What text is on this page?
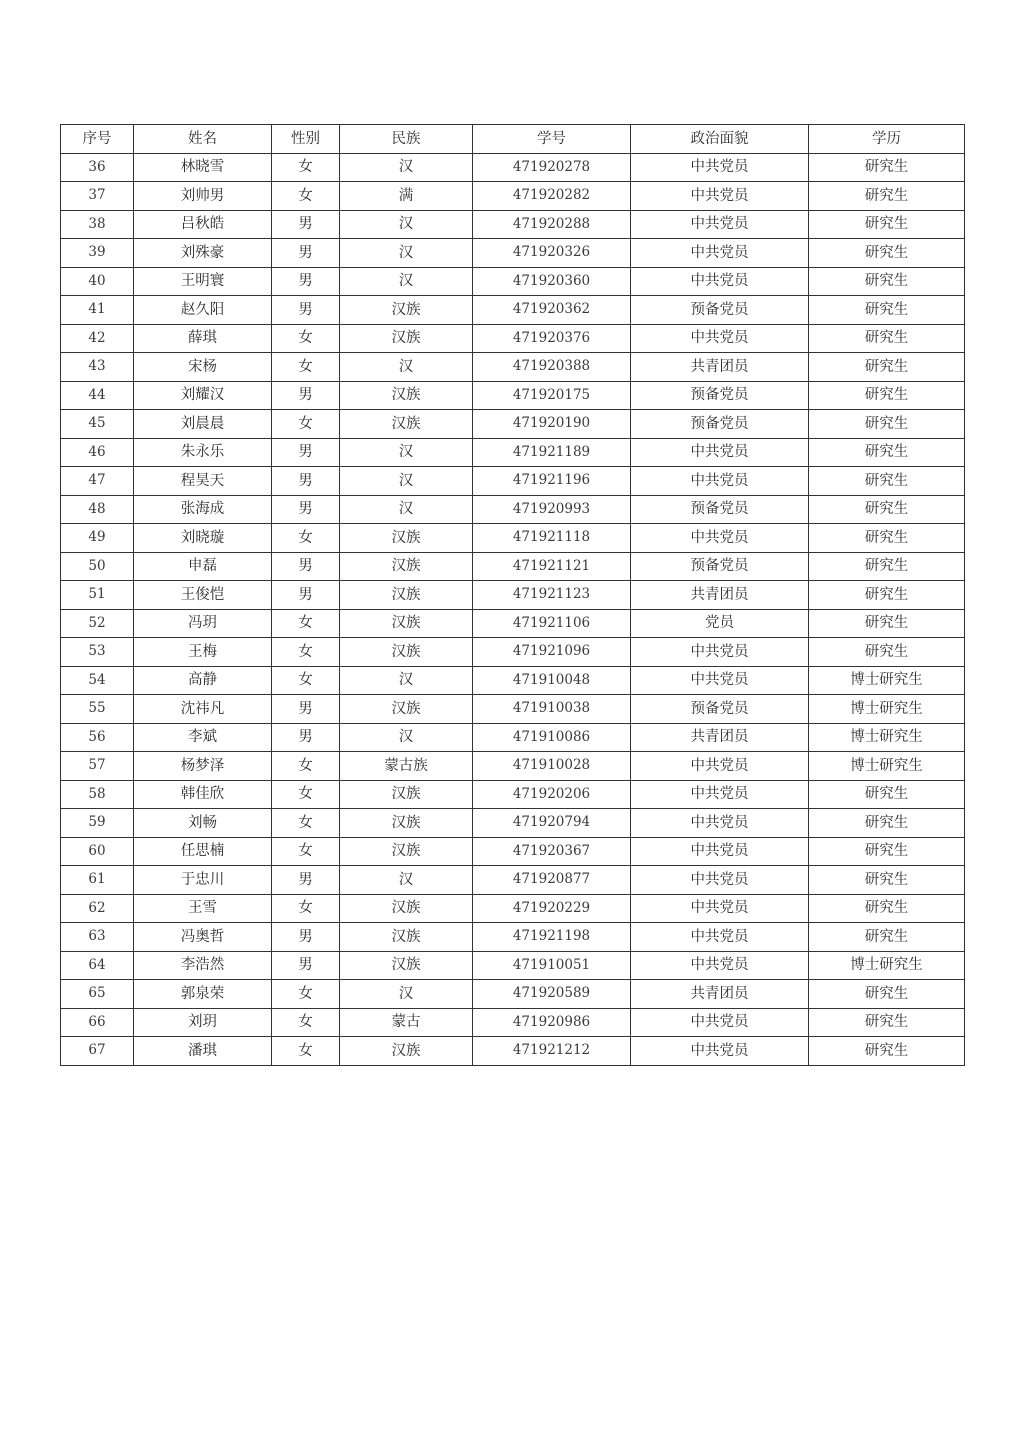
序号	姓名	性别	民族	学号	政治面貌	学历
36	林晓雪	女	汉	471920278	中共党员	研究生
37	刘帅男	女	满	471920282	中共党员	研究生
38	吕秋皓	男	汉	471920288	中共党员	研究生
39	刘殊豪	男	汉	471920326	中共党员	研究生
40	王明寰	男	汉	471920360	中共党员	研究生
41	赵久阳	男	汉族	471920362	预备党员	研究生
42	薛琪	女	汉族	471920376	中共党员	研究生
43	宋杨	女	汉	471920388	共青团员	研究生
44	刘耀汉	男	汉族	471920175	预备党员	研究生
45	刘晨晨	女	汉族	471920190	预备党员	研究生
46	朱永乐	男	汉	471921189	中共党员	研究生
47	程昊天	男	汉	471921196	中共党员	研究生
48	张海成	男	汉	471920993	预备党员	研究生
49	刘晓璇	女	汉族	471921118	中共党员	研究生
50	申磊	男	汉族	471921121	预备党员	研究生
51	王俊恺	男	汉族	471921123	共青团员	研究生
52	冯玥	女	汉族	471921106	党员	研究生
53	王梅	女	汉族	471921096	中共党员	研究生
54	高静	女	汉	471910048	中共党员	博士研究生
55	沈祎凡	男	汉族	471910038	预备党员	博士研究生
56	李斌	男	汉	471910086	共青团员	博士研究生
57	杨梦泽	女	蒙古族	471910028	中共党员	博士研究生
58	韩佳欣	女	汉族	471920206	中共党员	研究生
59	刘畅	女	汉族	471920794	中共党员	研究生
60	任思楠	女	汉族	471920367	中共党员	研究生
61	于忠川	男	汉	471920877	中共党员	研究生
62	王雪	女	汉族	471920229	中共党员	研究生
63	冯奥哲	男	汉族	471921198	中共党员	研究生
64	李浩然	男	汉族	471910051	中共党员	博士研究生
65	郭泉荣	女	汉	471920589	共青团员	研究生
66	刘玥	女	蒙古	471920986	中共党员	研究生
67	潘琪	女	汉族	471921212	中共党员	研究生
